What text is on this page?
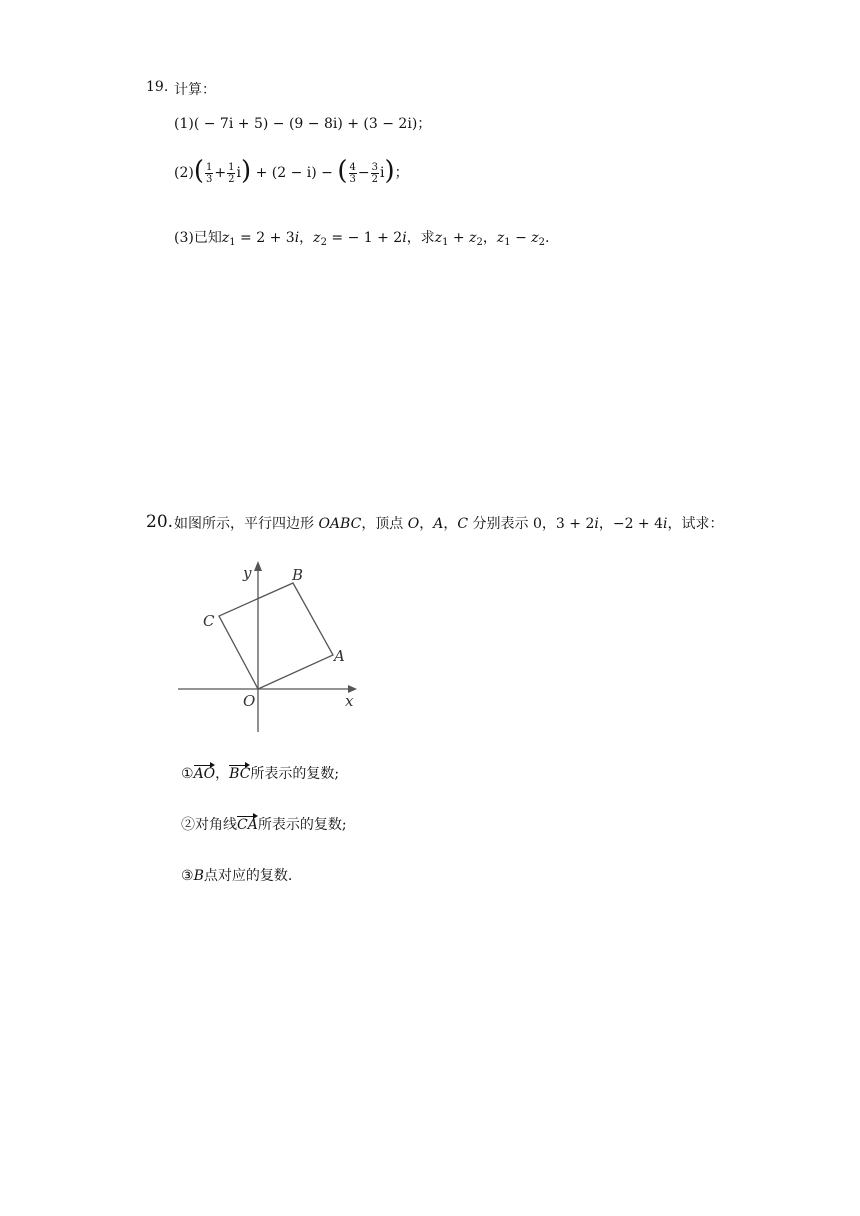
19. 计算：
(1)( − 7i + 5) − (9 − 8i) + (3 − 2i)；
$(2)( \frac{1}{3} + \frac{1}{2} i) + (2 - i)$ − ( $\frac{4}{3} - \frac{3}{2} i$)；
(3)已知$z_1 = 2 + 3i$，$z_2$ = − 1 + 2i，求$z_1 + z_2$，$z_1 - z_2$.
20. 如图所示，平行四边形 OABC，顶点 O，A，C 分别表示 0，3 + 2i，−2 + 4i，试求：
y
x
B
C
A
O
①AO，BC所表示的复数;
②对角线CA所表示的复数;
③B点对应的复数.
